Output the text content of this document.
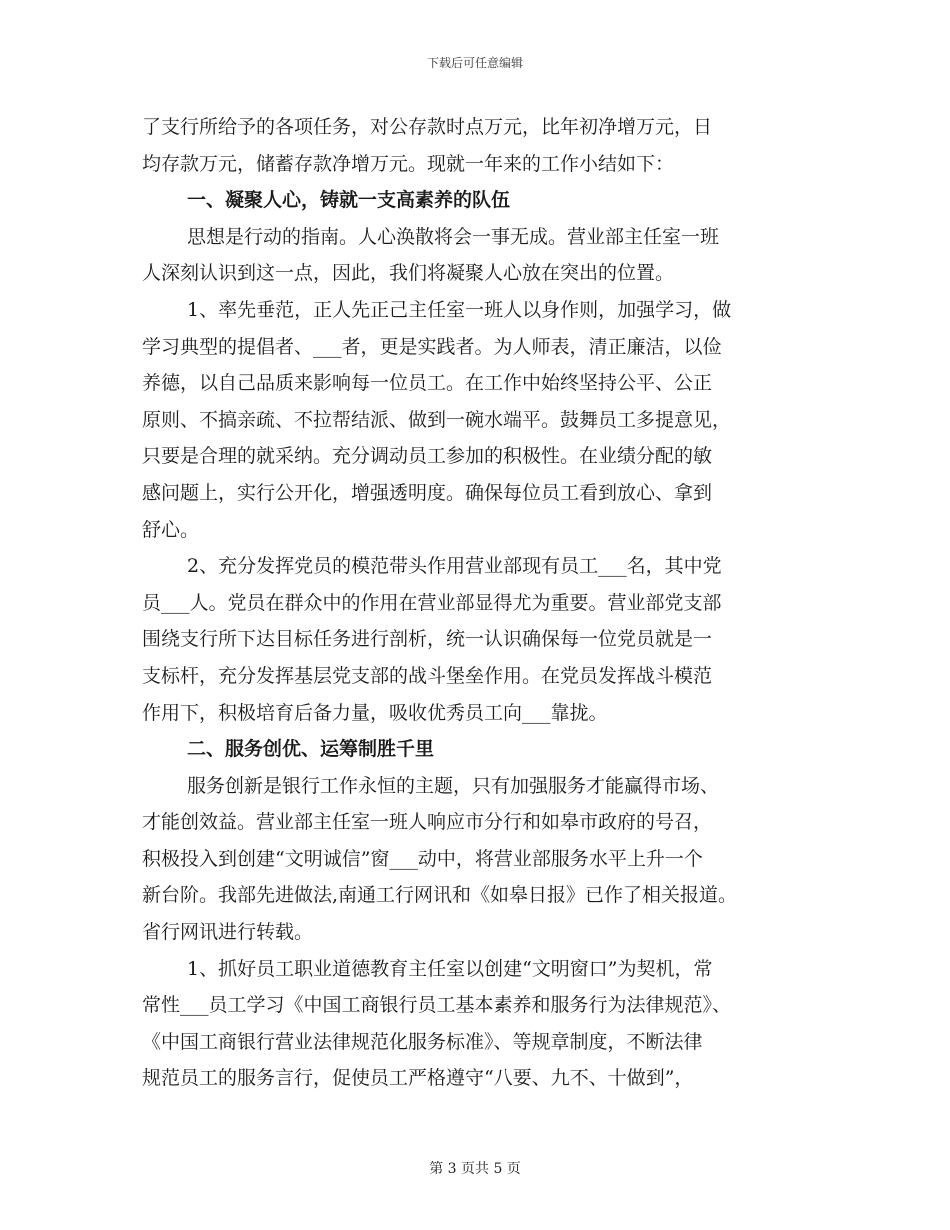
下载后可任意编辑
了支行所给予的各项任务，对公存款时点万元，比年初净增万元，日
均存款万元，储蓄存款净增万元。现就一年来的工作小结如下：
一、凝聚人心，铸就一支高素养的队伍
思想是行动的指南。人心涣散将会一事无成。营业部主任室一班
人深刻认识到这一点，因此，我们将凝聚人心放在突出的位置。
1、率先垂范，正人先正己主任室一班人以身作则，加强学习，做
学习典型的提倡者、___者，更是实践者。为人师表，清正廉洁，以俭
养德，以自己品质来影响每一位员工。在工作中始终坚持公平、公正
原则、不搞亲疏、不拉帮结派、做到一碗水端平。鼓舞员工多提意见，
只要是合理的就采纳。充分调动员工参加的积极性。在业绩分配的敏
感问题上，实行公开化，增强透明度。确保每位员工看到放心、拿到
舒心。
2、充分发挥党员的模范带头作用营业部现有员工___名，其中党
员___人。党员在群众中的作用在营业部显得尤为重要。营业部党支部
围绕支行所下达目标任务进行剖析，统一认识确保每一位党员就是一
支标杆，充分发挥基层党支部的战斗堡垒作用。在党员发挥战斗模范
作用下，积极培育后备力量，吸收优秀员工向___靠拢。
二、服务创优、运筹制胜千里
服务创新是银行工作永恒的主题，只有加强服务才能赢得市场、
才能创效益。营业部主任室一班人响应市分行和如皋市政府的号召，
积极投入到创建“文明诚信”窗___动中，将营业部服务水平上升一个
新台阶。我部先进做法,南通工行网讯和《如皋日报》已作了相关报道。
省行网讯进行转载。
1、抓好员工职业道德教育主任室以创建“文明窗口”为契机，常
常性___员工学习《中国工商银行员工基本素养和服务行为法律规范》、
《中国工商银行营业法律规范化服务标准》、等规章制度，不断法律
规范员工的服务言行，促使员工严格遵守“八要、九不、十做到”，
第 3 页共 5 页
